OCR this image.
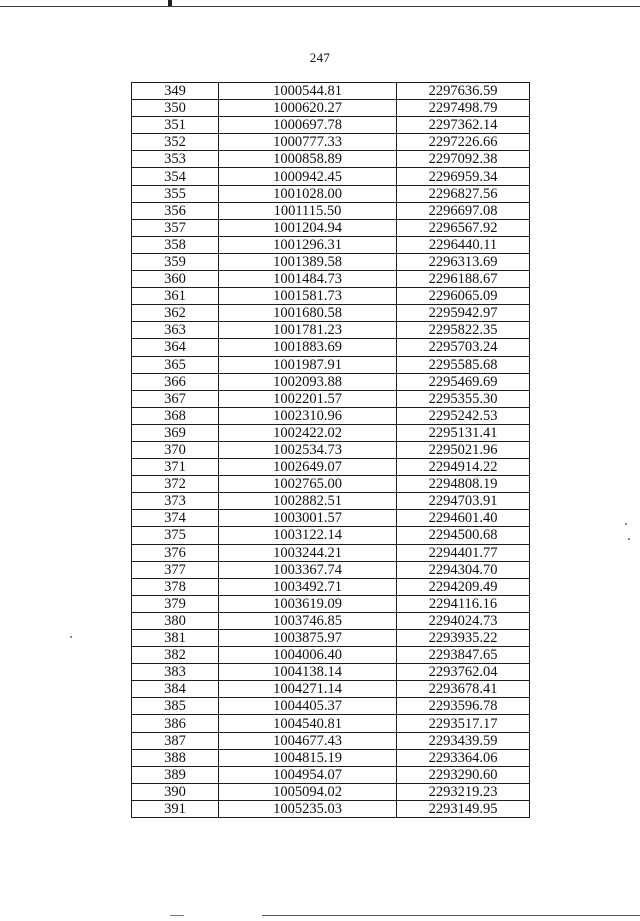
247
349	1000544.81	2297636.59
350	1000620.27	2297498.79
351	1000697.78	2297362.14
352	1000777.33	2297226.66
353	1000858.89	2297092.38
354	1000942.45	2296959.34
355	1001028.00	2296827.56
356	1001115.50	2296697.08
357	1001204.94	2296567.92
358	1001296.31	2296440.11
359	1001389.58	2296313.69
360	1001484.73	2296188.67
361	1001581.73	2296065.09
362	1001680.58	2295942.97
363	1001781.23	2295822.35
364	1001883.69	2295703.24
365	1001987.91	2295585.68
366	1002093.88	2295469.69
367	1002201.57	2295355.30
368	1002310.96	2295242.53
369	1002422.02	2295131.41
370	1002534.73	2295021.96
371	1002649.07	2294914.22
372	1002765.00	2294808.19
373	1002882.51	2294703.91
374	1003001.57	2294601.40
375	1003122.14	2294500.68
376	1003244.21	2294401.77
377	1003367.74	2294304.70
378	1003492.71	2294209.49
379	1003619.09	2294116.16
380	1003746.85	2294024.73
381	1003875.97	2293935.22
382	1004006.40	2293847.65
383	1004138.14	2293762.04
384	1004271.14	2293678.41
385	1004405.37	2293596.78
386	1004540.81	2293517.17
387	1004677.43	2293439.59
388	1004815.19	2293364.06
389	1004954.07	2293290.60
390	1005094.02	2293219.23
391	1005235.03	2293149.95
